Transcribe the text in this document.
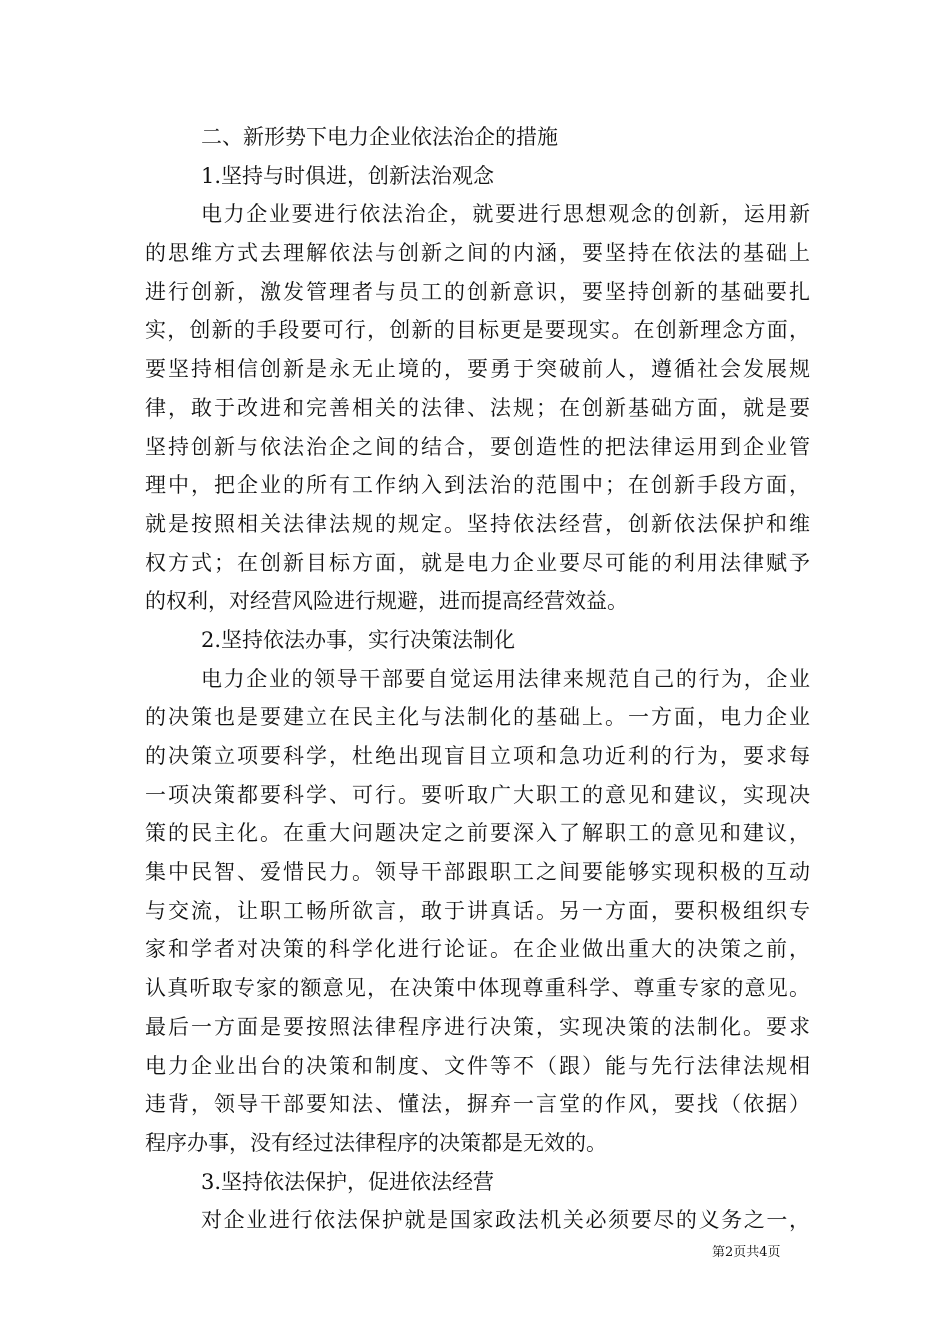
二、新形势下电力企业依法治企的措施
1.坚持与时俱进，创新法治观念
电力企业要进行依法治企，就要进行思想观念的创新，运用新
的思维方式去理解依法与创新之间的内涵，要坚持在依法的基础上
进行创新，激发管理者与员工的创新意识，要坚持创新的基础要扎
实，创新的手段要可行，创新的目标更是要现实。在创新理念方面，
要坚持相信创新是永无止境的，要勇于突破前人，遵循社会发展规
律，敢于改进和完善相关的法律、法规；在创新基础方面，就是要
坚持创新与依法治企之间的结合，要创造性的把法律运用到企业管
理中，把企业的所有工作纳入到法治的范围中；在创新手段方面，
就是按照相关法律法规的规定。坚持依法经营，创新依法保护和维
权方式；在创新目标方面，就是电力企业要尽可能的利用法律赋予
的权利，对经营风险进行规避，进而提高经营效益。
2.坚持依法办事，实行决策法制化
电力企业的领导干部要自觉运用法律来规范自己的行为，企业
的决策也是要建立在民主化与法制化的基础上。一方面，电力企业
的决策立项要科学，杜绝出现盲目立项和急功近利的行为，要求每
一项决策都要科学、可行。要听取广大职工的意见和建议，实现决
策的民主化。在重大问题决定之前要深入了解职工的意见和建议，
集中民智、爱惜民力。领导干部跟职工之间要能够实现积极的互动
与交流，让职工畅所欲言，敢于讲真话。另一方面，要积极组织专
家和学者对决策的科学化进行论证。在企业做出重大的决策之前，
认真听取专家的额意见，在决策中体现尊重科学、尊重专家的意见。
最后一方面是要按照法律程序进行决策，实现决策的法制化。要求
电力企业出台的决策和制度、文件等不（跟）能与先行法律法规相
违背，领导干部要知法、懂法，摒弃一言堂的作风，要找（依据）
程序办事，没有经过法律程序的决策都是无效的。
3.坚持依法保护，促进依法经营
对企业进行依法保护就是国家政法机关必须要尽的义务之一，
第2页共4页
